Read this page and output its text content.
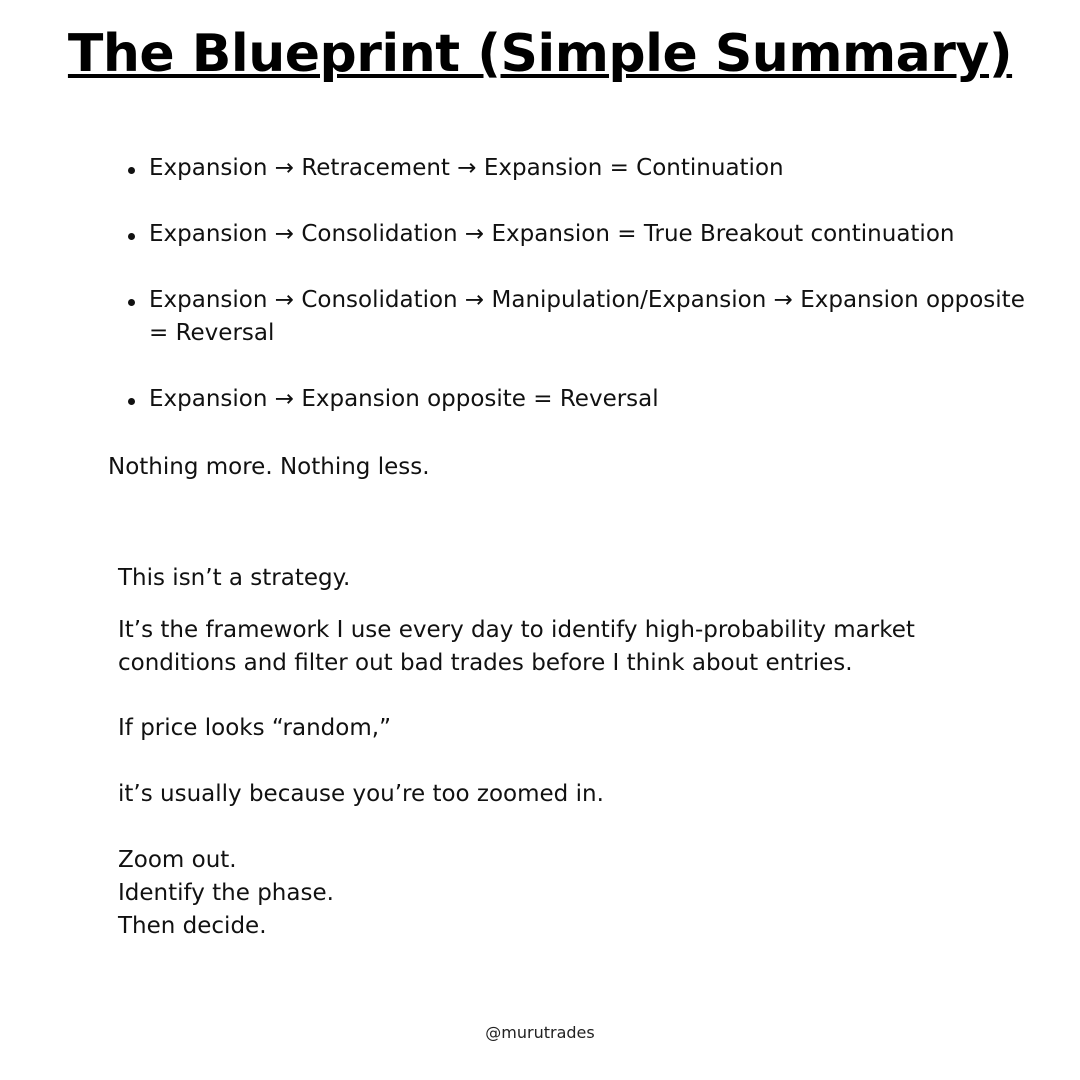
The Blueprint (Simple Summary)
Expansion → Retracement → Expansion = Continuation
Expansion → Consolidation → Expansion = True Breakout continuation
Expansion → Consolidation → Manipulation/Expansion → Expansion opposite = Reversal
Expansion → Expansion opposite = Reversal

Nothing more. Nothing less.

This isn’t a strategy.

It’s the framework I use every day to identify high-probability market conditions and filter out bad trades before I think about entries.

If price looks “random,”

it’s usually because you’re too zoomed in.

Zoom out.
Identify the phase.
Then decide.

@murutrades
